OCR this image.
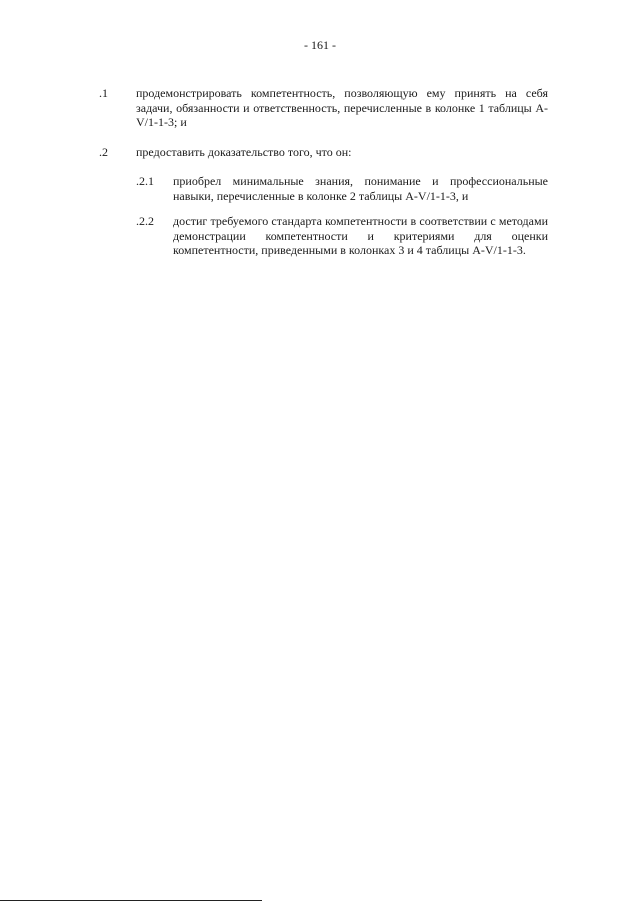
- 161 -
.1 продемонстрировать компетентность, позволяющую ему принять на себя задачи, обязанности и ответственность, перечисленные в колонке 1 таблицы A-V/1-1-3; и
.2 предоставить доказательство того, что он:
.2.1 приобрел минимальные знания, понимание и профессиональные навыки, перечисленные в колонке 2 таблицы A-V/1-1-3, и
.2.2 достиг требуемого стандарта компетентности в соответствии с методами демонстрации компетентности и критериями для оценки компетентности, приведенными в колонках 3 и 4 таблицы A-V/1-1-3.
